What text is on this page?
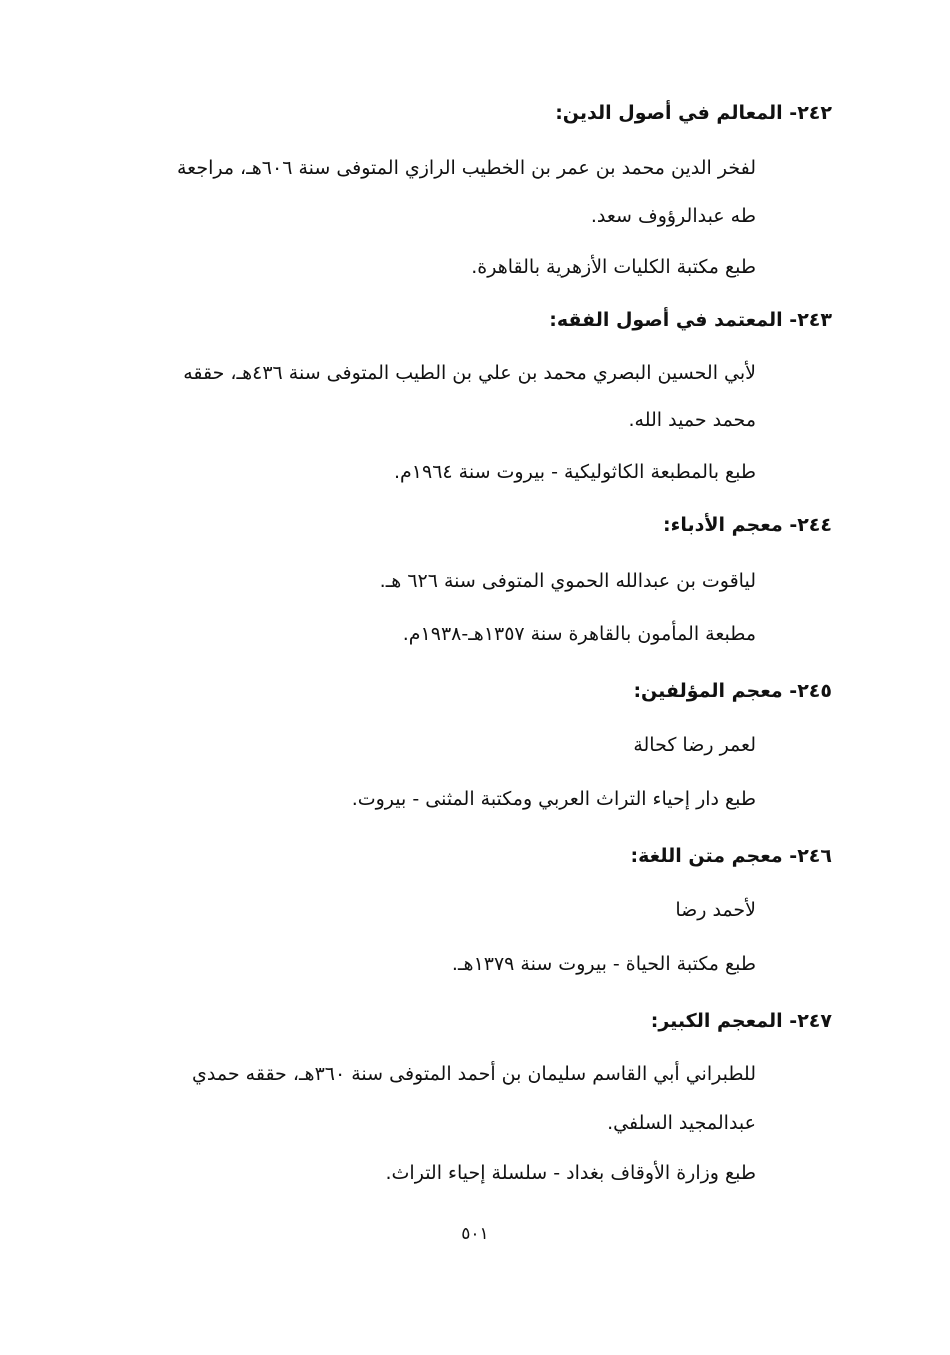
٢٤٢- المعالم في أصول الدين:
لفخر الدين محمد بن عمر بن الخطيب الرازي المتوفى سنة ٦٠٦هـ، مراجعة
طه عبدالرؤوف سعد.
طبع مكتبة الكليات الأزهرية بالقاهرة.
٢٤٣- المعتمد في أصول الفقه:
لأبي الحسين البصري محمد بن علي بن الطيب المتوفى سنة ٤٣٦هـ، حققه
محمد حميد الله.
طبع بالمطبعة الكاثوليكية - بيروت سنة ١٩٦٤م.
٢٤٤- معجم الأدباء:
لياقوت بن عبدالله الحموي المتوفى سنة ٦٢٦ هـ.
مطبعة المأمون بالقاهرة سنة ١٣٥٧هـ-١٩٣٨م.
٢٤٥- معجم المؤلفين:
لعمر رضا كحالة
طبع دار إحياء التراث العربي ومكتبة المثنى - بيروت.
٢٤٦- معجم متن اللغة:
لأحمد رضا
طبع مكتبة الحياة - بيروت سنة ١٣٧٩هـ.
٢٤٧- المعجم الكبير:
للطبراني أبي القاسم سليمان بن أحمد المتوفى سنة ٣٦٠هـ، حققه حمدي
عبدالمجيد السلفي.
طبع وزارة الأوقاف بغداد - سلسلة إحياء التراث.
٥٠١
